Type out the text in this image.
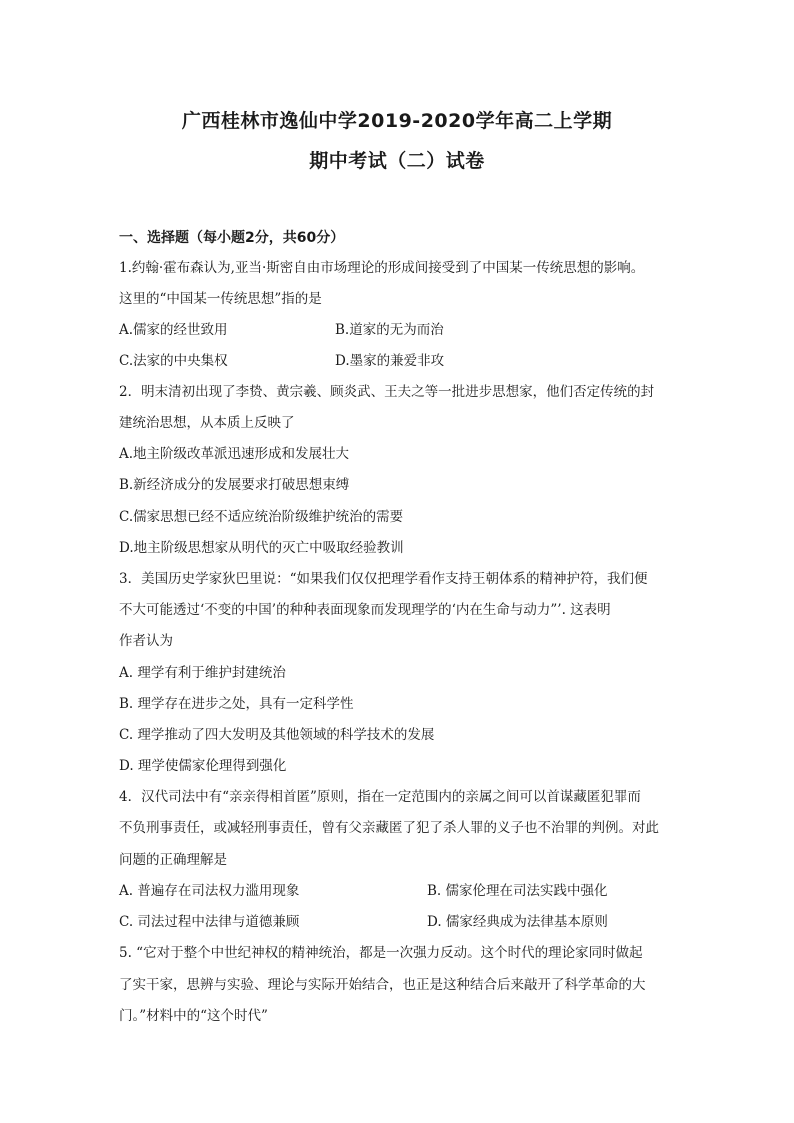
广西桂林市逸仙中学2019-2020学年高二上学期
期中考试（二）试卷
一、选择题（每小题2分，共60分）
1.约翰·霍布森认为,亚当·斯密自由市场理论的形成间接受到了中国某一传统思想的影响。
这里的“中国某一传统思想”指的是
A.儒家的经世致用	B.道家的无为而治
C.法家的中央集权	D.墨家的兼爱非攻
2．明末清初出现了李贽、黄宗羲、顾炎武、王夫之等一批进步思想家，他们否定传统的封
建统治思想，从本质上反映了
A.地主阶级改革派迅速形成和发展壮大
B.新经济成分的发展要求打破思想束缚
C.儒家思想已经不适应统治阶级维护统治的需要
D.地主阶级思想家从明代的灭亡中吸取经验教训
3．美国历史学家狄巴里说：“如果我们仅仅把理学看作支持王朝体系的精神护符，我们便
不大可能透过‘不变的中国’的种种表面现象而发现理学的‘内在生命与动力”’. 这表明
作者认为
A. 理学有利于维护封建统治
B. 理学存在进步之处，具有一定科学性
C. 理学推动了四大发明及其他领域的科学技术的发展
D. 理学使儒家伦理得到强化
4．汉代司法中有“亲亲得相首匿”原则，指在一定范围内的亲属之间可以首谋藏匿犯罪而
不负刑事责任，或减轻刑事责任，曾有父亲藏匿了犯了杀人罪的义子也不治罪的判例。对此
问题的正确理解是
A. 普遍存在司法权力滥用现象	B. 儒家伦理在司法实践中强化
C. 司法过程中法律与道德兼顾	D. 儒家经典成为法律基本原则
5. “它对于整个中世纪神权的精神统治，都是一次强力反动。这个时代的理论家同时做起
了实干家，思辨与实验、理论与实际开始结合，也正是这种结合后来敲开了科学革命的大
门。”材料中的“这个时代”
